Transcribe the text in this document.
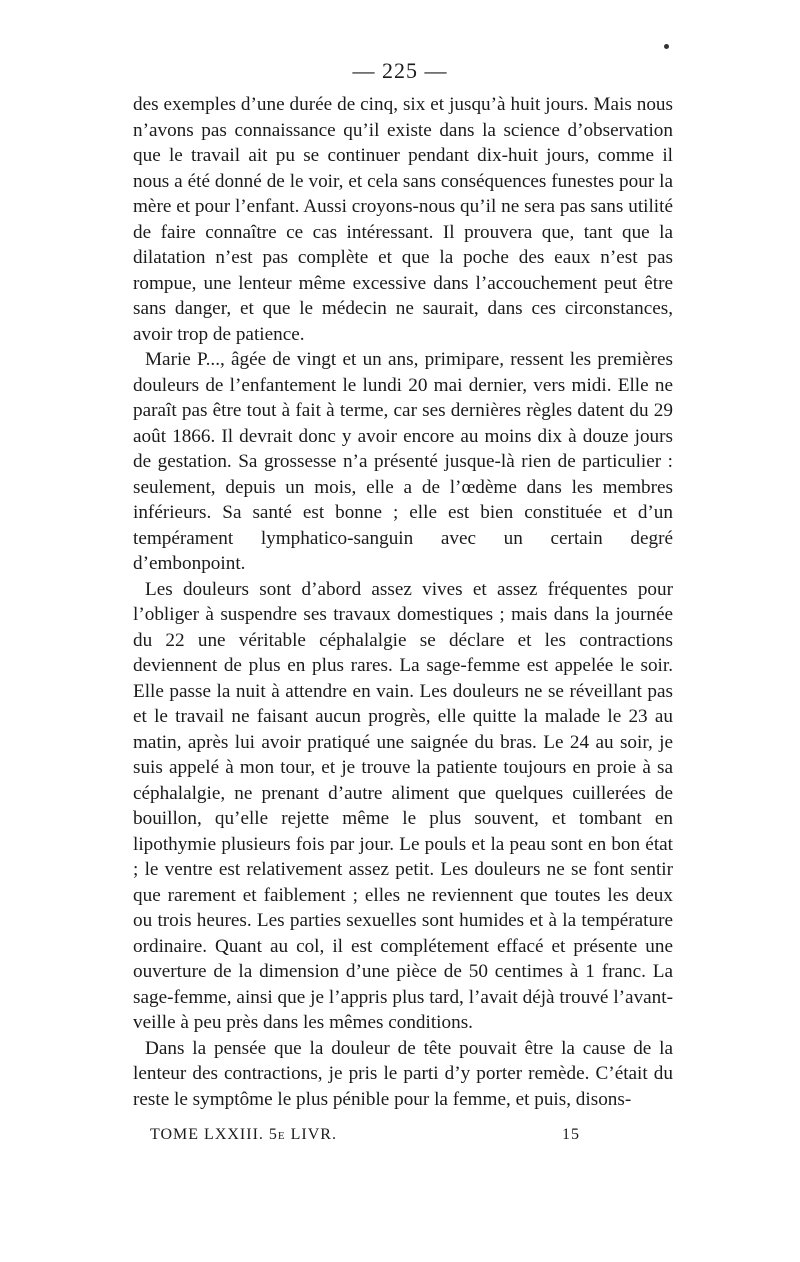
— 225 —

des exemples d’une durée de cinq, six et jusqu’à huit jours. Mais nous n’avons pas connaissance qu’il existe dans la science d’observation que le travail ait pu se continuer pendant dix-huit jours, comme il nous a été donné de le voir, et cela sans conséquences funestes pour la mère et pour l’enfant. Aussi croyons-nous qu’il ne sera pas sans utilité de faire connaître ce cas intéressant. Il prouvera que, tant que la dilatation n’est pas complète et que la poche des eaux n’est pas rompue, une lenteur même excessive dans l’accouchement peut être sans danger, et que le médecin ne saurait, dans ces circonstances, avoir trop de patience.

Marie P..., âgée de vingt et un ans, primipare, ressent les premières douleurs de l’enfantement le lundi 20 mai dernier, vers midi. Elle ne paraît pas être tout à fait à terme, car ses dernières règles datent du 29 août 1866. Il devrait donc y avoir encore au moins dix à douze jours de gestation. Sa grossesse n’a présenté jusque-là rien de particulier : seulement, depuis un mois, elle a de l’œdème dans les membres inférieurs. Sa santé est bonne ; elle est bien constituée et d’un tempérament lymphatico-sanguin avec un certain degré d’embonpoint.

Les douleurs sont d’abord assez vives et assez fréquentes pour l’obliger à suspendre ses travaux domestiques ; mais dans la journée du 22 une véritable céphalalgie se déclare et les contractions deviennent de plus en plus rares. La sage-femme est appelée le soir. Elle passe la nuit à attendre en vain. Les douleurs ne se réveillant pas et le travail ne faisant aucun progrès, elle quitte la malade le 23 au matin, après lui avoir pratiqué une saignée du bras. Le 24 au soir, je suis appelé à mon tour, et je trouve la patiente toujours en proie à sa céphalalgie, ne prenant d’autre aliment que quelques cuillerées de bouillon, qu’elle rejette même le plus souvent, et tombant en lipothymie plusieurs fois par jour. Le pouls et la peau sont en bon état ; le ventre est relativement assez petit. Les douleurs ne se font sentir que rarement et faiblement ; elles ne reviennent que toutes les deux ou trois heures. Les parties sexuelles sont humides et à la température ordinaire. Quant au col, il est complétement effacé et présente une ouverture de la dimension d’une pièce de 50 centimes à 1 franc. La sage-femme, ainsi que je l’appris plus tard, l’avait déjà trouvé l’avant-veille à peu près dans les mêmes conditions.

Dans la pensée que la douleur de tête pouvait être la cause de la lenteur des contractions, je pris le parti d’y porter remède. C’était du reste le symptôme le plus pénible pour la femme, et puis, disons-

TOME LXXIII. 5e LIVR.	15
